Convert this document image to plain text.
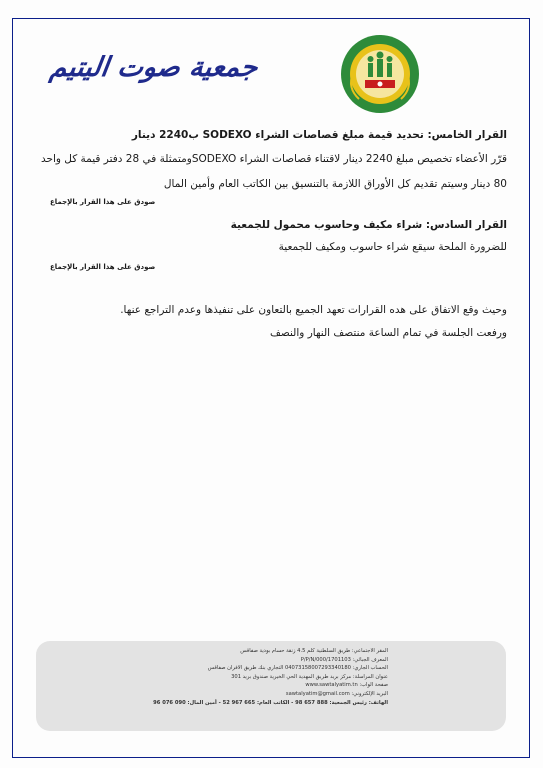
جمعية صوت اليتيم
القرار الخامس: تحديد قيمة مبلغ قصاصات الشراء SODEXO ب2240 دينار
قرّر الأعضاء تخصيص مبلغ 2240 دينار لاقتناء قصاصات الشراء SODEXOومتمثلة في 28 دفتر قيمة كل واحد
80 دينار وسيتم تقديم كل الأوراق اللازمة بالتنسيق بين الكاتب العام وأمين المال
صودق على هذا القرار بالإجماع
القرار السادس: شراء مكيف وحاسوب محمول للجمعية
للضرورة الملحة سيقع شراء حاسوب ومكيف للجمعية
صودق على هذا القرار بالإجماع
وحيث وقع الاتفاق على هده القرارات تعهد الجميع بالتعاون على تنفيذها وعدم التراجع عنها.
ورفعت الجلسة في تمام الساعة منتصف النهار والنصف
المقر الاجتماعي: طريق السلطنية كلم 4.5 زنقة حسام بوذية صفاقس
المعرف الجبائي: 1701103/P/P/N/000
الحساب الجاري: 04073158007293340180 التجاري بنك طريق الافران صفاقس
عنوان المراسلة: مركز بريد طريق المهدية الحي الخيرية صندوق بريد 301
صفحة الواب: www.sawtalyatim.tn
البريد الإلكتروني: sawtalyatim@gmail.com
الهاتف: رئيس الجمعية: 888 657 98 - الكاتب العام: 665 967 52 - أمين المال: 090 076 96
